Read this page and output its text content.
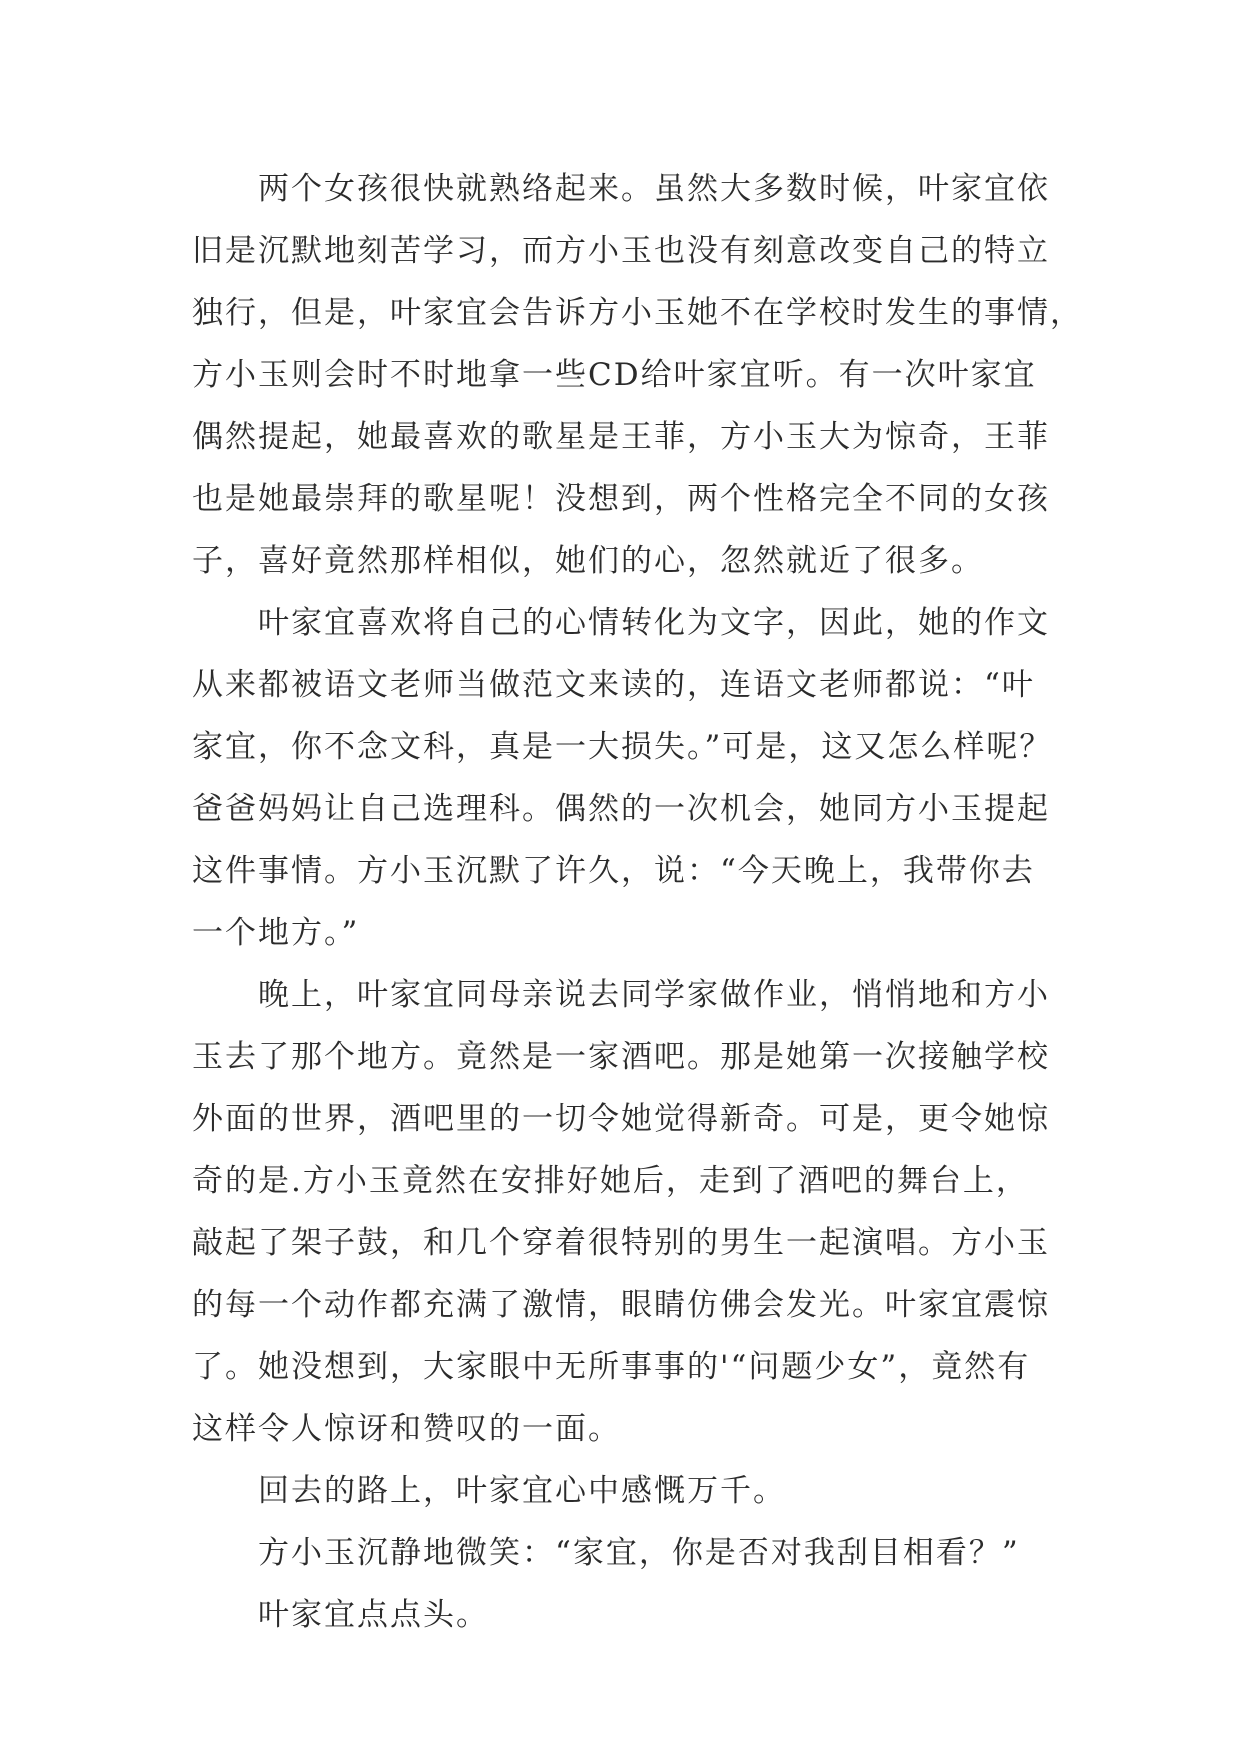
　　两个女孩很快就熟络起来。虽然大多数时候，叶家宜依
旧是沉默地刻苦学习，而方小玉也没有刻意改变自己的特立
独行，但是，叶家宜会告诉方小玉她不在学校时发生的事情，
方小玉则会时不时地拿一些CD给叶家宜听。有一次叶家宜
偶然提起，她最喜欢的歌星是王菲，方小玉大为惊奇，王菲
也是她最崇拜的歌星呢！没想到，两个性格完全不同的女孩
子，喜好竟然那样相似，她们的心，忽然就近了很多。
　　叶家宜喜欢将自己的心情转化为文字，因此，她的作文
从来都被语文老师当做范文来读的，连语文老师都说：“叶
家宜，你不念文科，真是一大损失。”可是，这又怎么样呢？
爸爸妈妈让自己选理科。偶然的一次机会，她同方小玉提起
这件事情。方小玉沉默了许久，说：“今天晚上，我带你去
一个地方。”
　　晚上，叶家宜同母亲说去同学家做作业，悄悄地和方小
玉去了那个地方。竟然是一家酒吧。那是她第一次接触学校
外面的世界，酒吧里的一切令她觉得新奇。可是，更令她惊
奇的是.方小玉竟然在安排好她后，走到了酒吧的舞台上，
敲起了架子鼓，和几个穿着很特别的男生一起演唱。方小玉
的每一个动作都充满了激情，眼睛仿佛会发光。叶家宜震惊
了。她没想到，大家眼中无所事事的'“问题少女”，竟然有
这样令人惊讶和赞叹的一面。
　　回去的路上，叶家宜心中感慨万千。
　　方小玉沉静地微笑：“家宜，你是否对我刮目相看？”
　　叶家宜点点头。
